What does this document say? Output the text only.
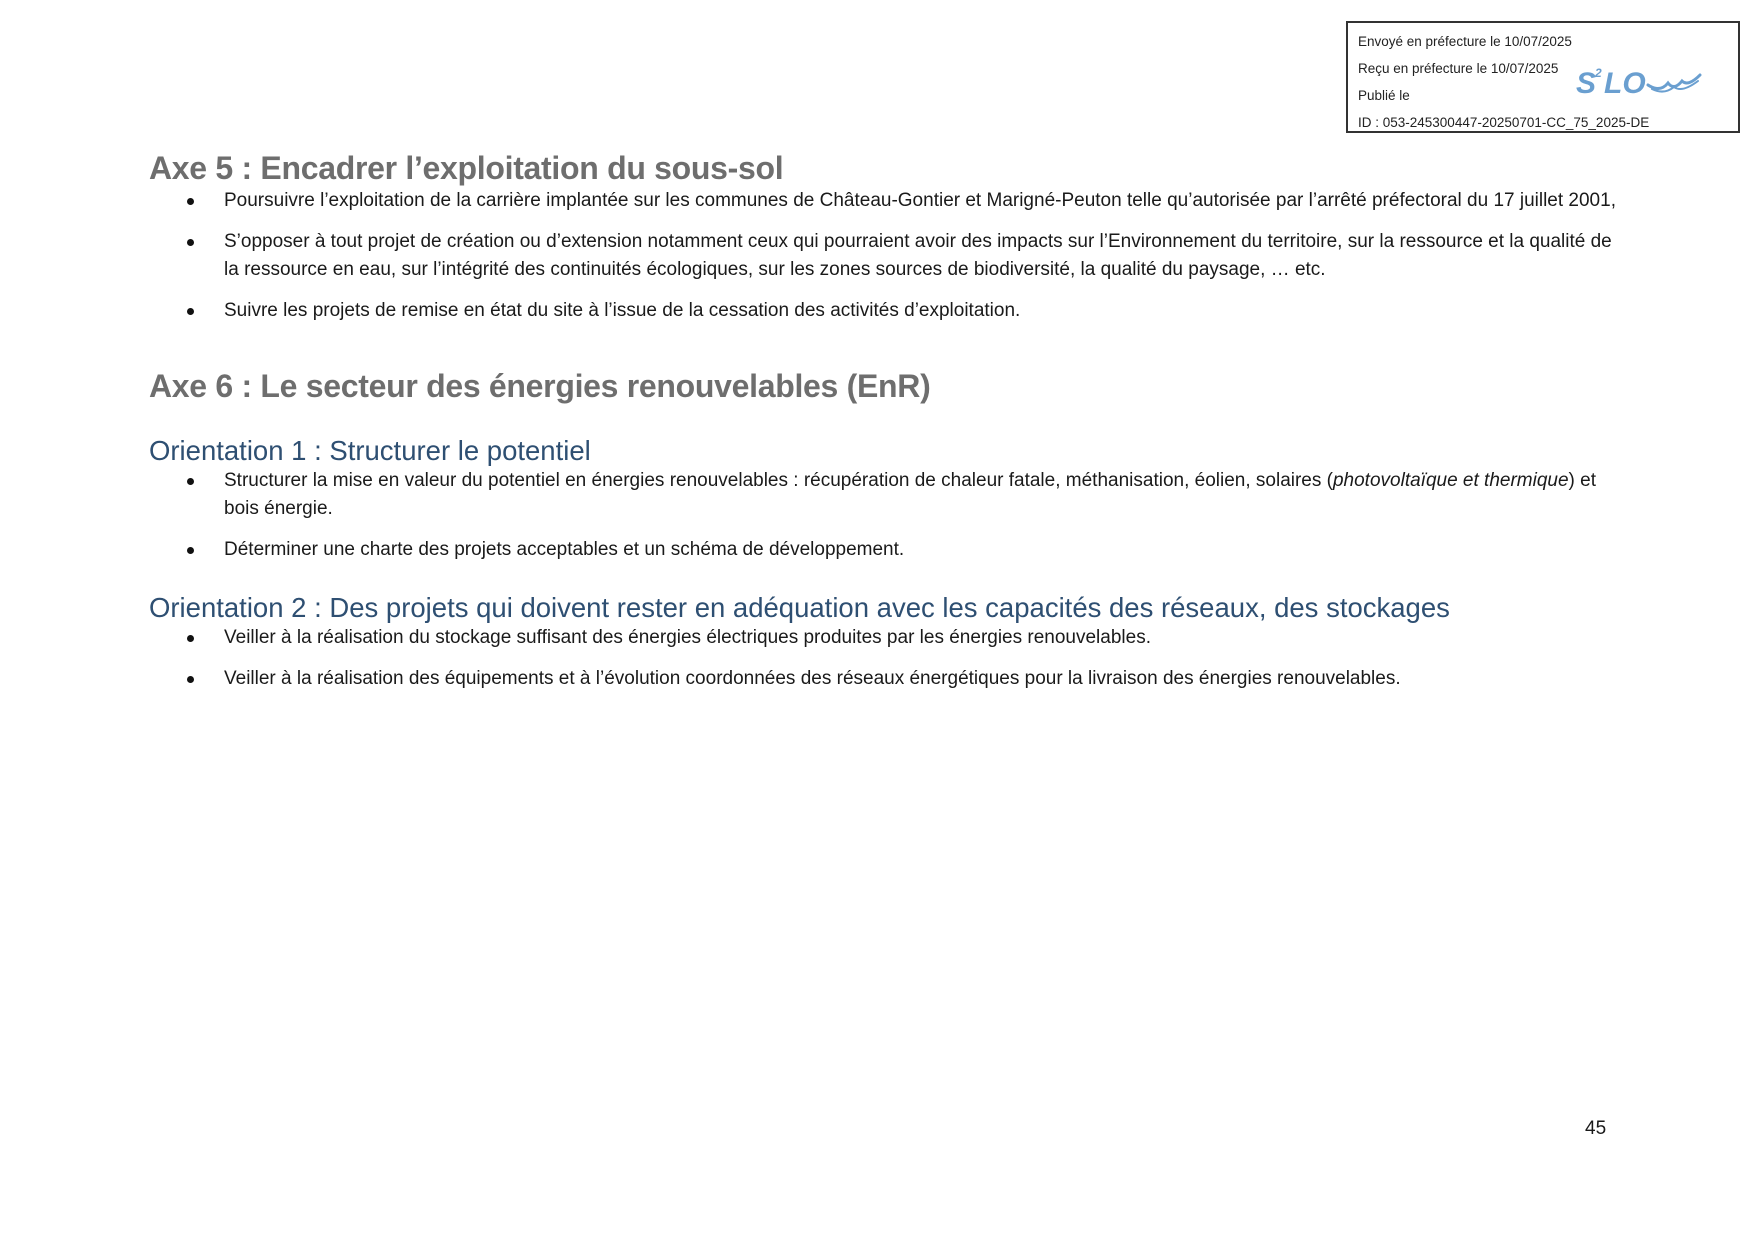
Envoyé en préfecture le 10/07/2025
Reçu en préfecture le 10/07/2025
Publié le
ID : 053-245300447-20250701-CC_75_2025-DE
S
2 LO
Axe 5 : Encadrer l’exploitation du sous-sol
Poursuivre l’exploitation de la carrière implantée sur les communes de Château-Gontier et Marigné-Peuton telle qu’autorisée par l’arrêté préfectoral du 17 juillet 2001,
S’opposer à tout projet de création ou d’extension notamment ceux qui pourraient avoir des impacts sur l’Environnement du territoire, sur la ressource et la qualité de la ressource en eau, sur l’intégrité des continuités écologiques, sur les zones sources de biodiversité, la qualité du paysage, … etc.
Suivre les projets de remise en état du site à l’issue de la cessation des activités d’exploitation.
Axe 6 : Le secteur des énergies renouvelables (EnR)
Orientation 1 : Structurer le potentiel
Structurer la mise en valeur du potentiel en énergies renouvelables : récupération de chaleur fatale, méthanisation, éolien, solaires (photovoltaïque et thermique) et bois énergie.
Déterminer une charte des projets acceptables et un schéma de développement.
Orientation 2 : Des projets qui doivent rester en adéquation avec les capacités des réseaux, des stockages
Veiller à la réalisation du stockage suffisant des énergies électriques produites par les énergies renouvelables.
Veiller à la réalisation des équipements et à l’évolution coordonnées des réseaux énergétiques pour la livraison des énergies renouvelables.
45
